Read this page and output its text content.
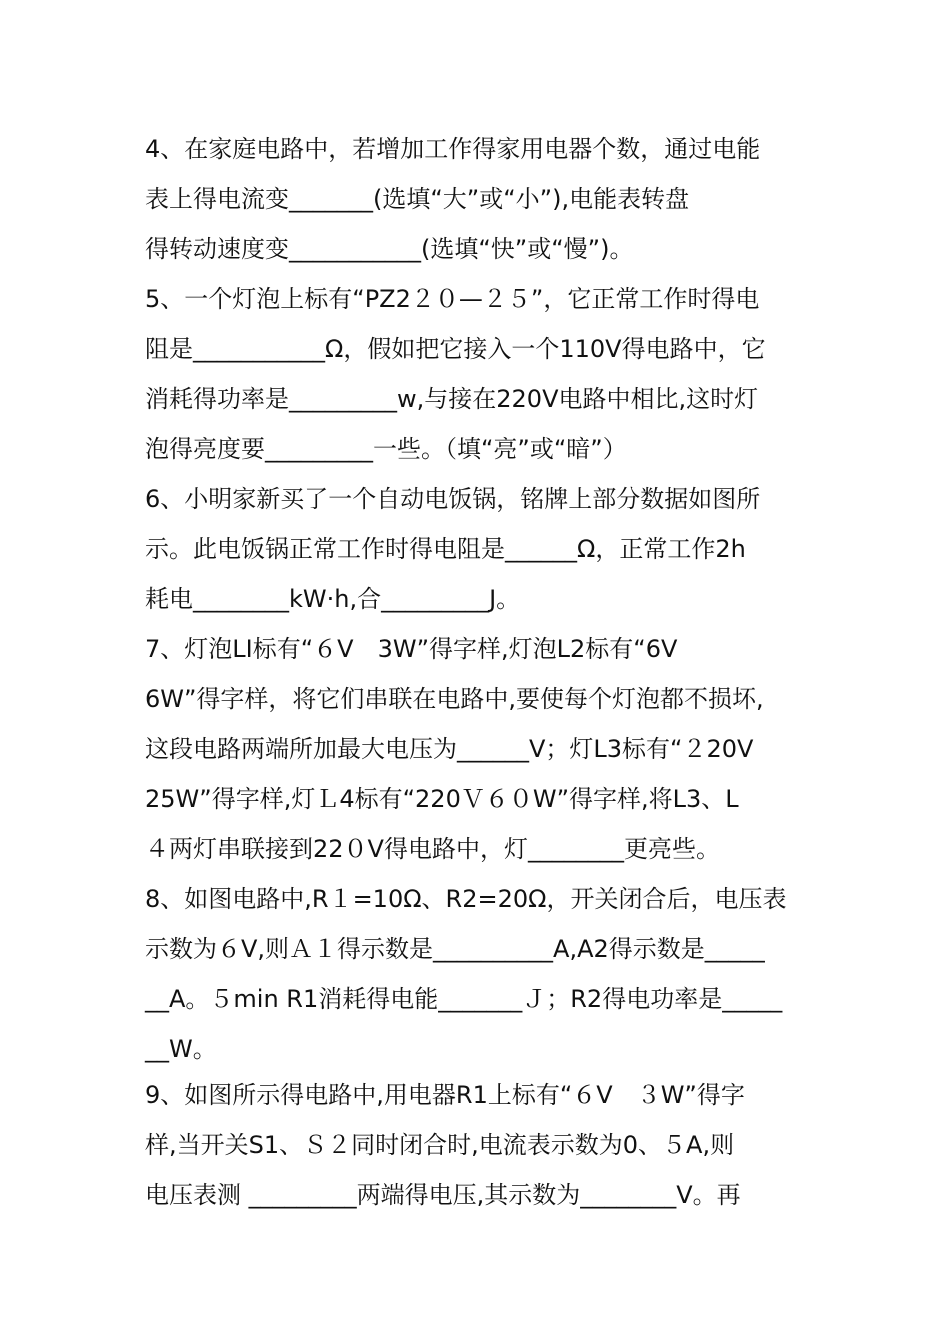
4、在家庭电路中，若增加工作得家用电器个数，通过电能
表上得电流变_______(选填“大”或“小”),电能表转盘
得转动速度变___________(选填“快”或“慢”)。
5、一个灯泡上标有“PZ2２０—２５”，它正常工作时得电
阻是___________Ω，假如把它接入一个110V得电路中，它
消耗得功率是_________w,与接在220V电路中相比,这时灯
泡得亮度要_________一些。（填“亮”或“暗”）
6、小明家新买了一个自动电饭锅，铭牌上部分数据如图所
示。此电饭锅正常工作时得电阻是______Ω，正常工作2h
耗电________kW·h,合_________J。
7、灯泡LI标有“６V　3W”得字样,灯泡L2标有“6V
6W”得字样，将它们串联在电路中,要使每个灯泡都不损坏,
这段电路两端所加最大电压为______V；灯L3标有“２20V
25W”得字样,灯Ｌ4标有“220Ｖ６０W”得字样,将L3、L
４两灯串联接到22０V得电路中，灯________更亮些。
8、如图电路中,R１=10Ω、R2=20Ω，开关闭合后，电压表
示数为６V,则Ａ１得示数是__________A,A2得示数是_____
__A。５min R1消耗得电能_______Ｊ；R2得电功率是_____
__W。
9、如图所示得电路中,用电器R1上标有“６V　３W”得字
样,当开关S1、Ｓ２同时闭合时,电流表示数为0、５A,则
电压表测 _________两端得电压,其示数为________V。再
